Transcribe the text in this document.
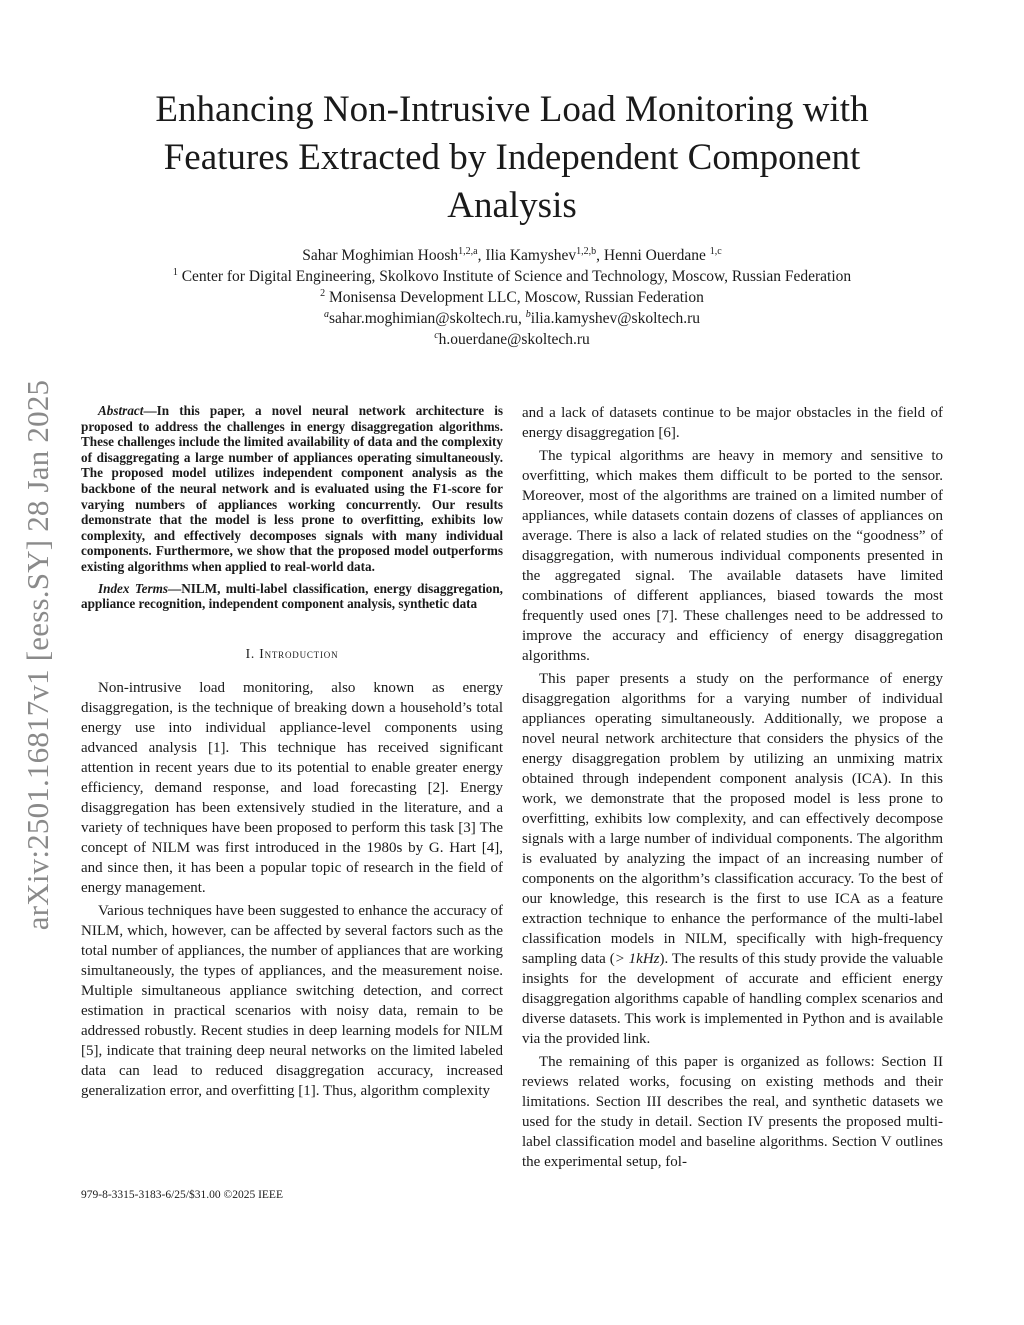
arXiv:2501.16817v1 [eess.SY] 28 Jan 2025
Enhancing Non-Intrusive Load Monitoring with Features Extracted by Independent Component Analysis
Sahar Moghimian Hoosh$^{1,2,a}$, Ilia Kamyshev$^{1,2,b}$, Henni Ouerdane $^{1,c}$
$^1$ Center for Digital Engineering, Skolkovo Institute of Science and Technology, Moscow, Russian Federation
$^2$ Monisensa Development LLC, Moscow, Russian Federation
$^a$sahar.moghimian@skoltech.ru, $^b$ilia.kamyshev@skoltech.ru
$^c$h.ouerdane@skoltech.ru

Abstract—In this paper, a novel neural network architecture is proposed to address the challenges in energy disaggregation algorithms. These challenges include the limited availability of data and the complexity of disaggregating a large number of appliances operating simultaneously. The proposed model utilizes independent component analysis as the backbone of the neural network and is evaluated using the F1-score for varying numbers of appliances working concurrently. Our results demonstrate that the model is less prone to overfitting, exhibits low complexity, and effectively decomposes signals with many individual components. Furthermore, we show that the proposed model outperforms existing algorithms when applied to real-world data.

Index Terms—NILM, multi-label classification, energy disaggregation, appliance recognition, independent component analysis, synthetic data

I. Introduction

Non-intrusive load monitoring, also known as energy disaggregation, is the technique of breaking down a household’s total energy use into individual appliance-level components using advanced analysis [1]. This technique has received significant attention in recent years due to its potential to enable greater energy efficiency, demand response, and load forecasting [2]. Energy disaggregation has been extensively studied in the literature, and a variety of techniques have been proposed to perform this task [3] The concept of NILM was first introduced in the 1980s by G. Hart [4], and since then, it has been a popular topic of research in the field of energy management.

Various techniques have been suggested to enhance the accuracy of NILM, which, however, can be affected by several factors such as the total number of appliances, the number of appliances that are working simultaneously, the types of appliances, and the measurement noise. Multiple simultaneous appliance switching detection, and correct estimation in practical scenarios with noisy data, remain to be addressed robustly. Recent studies in deep learning models for NILM [5], indicate that training deep neural networks on the limited labeled data can lead to reduced disaggregation accuracy, increased generalization error, and overfitting [1]. Thus, algorithm complexity

and a lack of datasets continue to be major obstacles in the field of energy disaggregation [6].

The typical algorithms are heavy in memory and sensitive to overfitting, which makes them difficult to be ported to the sensor. Moreover, most of the algorithms are trained on a limited number of appliances, while datasets contain dozens of classes of appliances on average. There is also a lack of related studies on the “goodness” of disaggregation, with numerous individual components presented in the aggregated signal. The available datasets have limited combinations of different appliances, biased towards the most frequently used ones [7]. These challenges need to be addressed to improve the accuracy and efficiency of energy disaggregation algorithms.

This paper presents a study on the performance of energy disaggregation algorithms for a varying number of individual appliances operating simultaneously. Additionally, we propose a novel neural network architecture that considers the physics of the energy disaggregation problem by utilizing an unmixing matrix obtained through independent component analysis (ICA). In this work, we demonstrate that the proposed model is less prone to overfitting, exhibits low complexity, and can effectively decompose signals with a large number of individual components. The algorithm is evaluated by analyzing the impact of an increasing number of components on the algorithm’s classification accuracy. To the best of our knowledge, this research is the first to use ICA as a feature extraction technique to enhance the performance of the multi-label classification models in NILM, specifically with high-frequency sampling data (> 1kHz). The results of this study provide the valuable insights for the development of accurate and efficient energy disaggregation algorithms capable of handling complex scenarios and diverse datasets. This work is implemented in Python and is available via the provided link.

The remaining of this paper is organized as follows: Section II reviews related works, focusing on existing methods and their limitations. Section III describes the real, and synthetic datasets we used for the study in detail. Section IV presents the proposed multi-label classification model and baseline algorithms. Section V outlines the experimental setup, fol-

979-8-3315-3183-6/25/$31.00 ©2025 IEEE
